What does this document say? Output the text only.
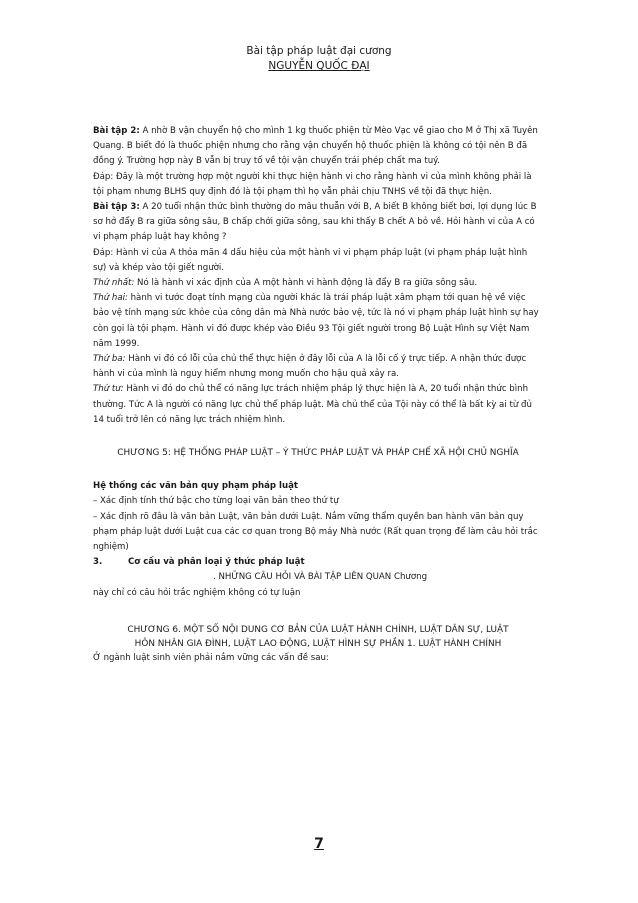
Bài tập pháp luật đại cương
NGUYỄN QUỐC ĐẠI

Bài tập 2: A nhờ B vận chuyển hộ cho mình 1 kg thuốc phiện từ Mèo Vạc về giao cho M ở Thị xã Tuyên Quang. B biết đó là thuốc phiện nhưng cho rằng vận chuyển hộ thuốc phiện là không có tội nên B đã đồng ý. Trường hợp này B vẫn bị truy tố về tội vận chuyển trái phép chất ma tuý.

Đáp: Đây là một trường hợp một người khi thực hiện hành vi cho rằng hành vi của mình không phải là tội phạm nhưng BLHS quy định đó là tội phạm thì họ vẫn phải chịu TNHS về tội đã thực hiện.

Bài tập 3: A 20 tuổi nhận thức bình thường do mâu thuẫn với B, A biết B không biết bơi, lợi dụng lúc B sơ hở đẩy B ra giữa sông sâu, B chấp chới giữa sông, sau khi thấy B chết A bỏ về. Hỏi hành vi của A có vi phạm pháp luật hay không ?

Đáp: Hành vi của A thỏa mãn 4 dấu hiệu của một hành vi vi phạm pháp luật (vi phạm pháp luật hình sự) và khép vào tội giết người.

Thứ nhất: Nó là hành vi xác định của A một hành vi hành động là đẩy B ra giữa sông sâu.

Thứ hai: hành vi tước đoạt tính mạng của người khác là trái pháp luật xâm phạm tới quan hệ về việc bảo vệ tính mạng sức khỏe của công dân mà Nhà nước bảo vệ, tức là nó vi phạm pháp luật hình sự hay còn gọi là tội phạm. Hành vi đó được khép vào Điều 93 Tội giết người trong Bộ Luật Hình sự Việt Nam năm 1999.

Thứ ba: Hành vi đó có lỗi của chủ thể thực hiện ở đây lỗi của A là lỗi cố ý trực tiếp. A nhận thức được hành vi của mình là nguy hiểm nhưng mong muốn cho hậu quả xảy ra.

Thứ tư: Hành vi đó do chủ thể có năng lực trách nhiệm pháp lý thực hiện là A, 20 tuổi nhận thức bình thường. Tức A là người có năng lực chủ thể pháp luật. Mà chủ thể của Tội này có thể là bất kỳ ai từ đủ 14 tuổi trở lên có năng lực trách nhiệm hình.

CHƯƠNG 5: HỆ THỐNG PHÁP LUẬT – Ý THỨC PHÁP LUẬT VÀ PHÁP CHẾ XÃ HỘI CHỦ NGHĨA

Hệ thống các văn bản quy phạm pháp luật

– Xác định tính thứ bậc cho từng loại văn bản theo thứ tự

– Xác định rõ đâu là văn bản Luật, văn bản dưới Luật. Nắm vững thẩm quyền ban hành văn bản quy phạm pháp luật dưới Luật cua các cơ quan trong Bộ máy Nhà nước (Rất quan trọng để làm câu hỏi trắc nghiệm)

3.	Cơ cấu và phân loại ý thức pháp luật

. NHỮNG CÂU HỎI VÀ BÀI TẬP LIÊN QUAN Chương

này chỉ có câu hỏi trắc nghiệm không có tự luận

CHƯƠNG 6. MỘT SỐ NỘI DUNG CƠ BẢN CỦA LUẬT HÀNH CHÍNH, LUẬT DÂN SỰ, LUẬT
HÔN NHÂN GIA ĐÌNH, LUẬT LAO ĐỘNG, LUẬT HÌNH SỰ PHẦN 1. LUẬT HÀNH CHÍNH

Ở ngành luật sinh viên phải nắm vững các vấn đề sau:

7
